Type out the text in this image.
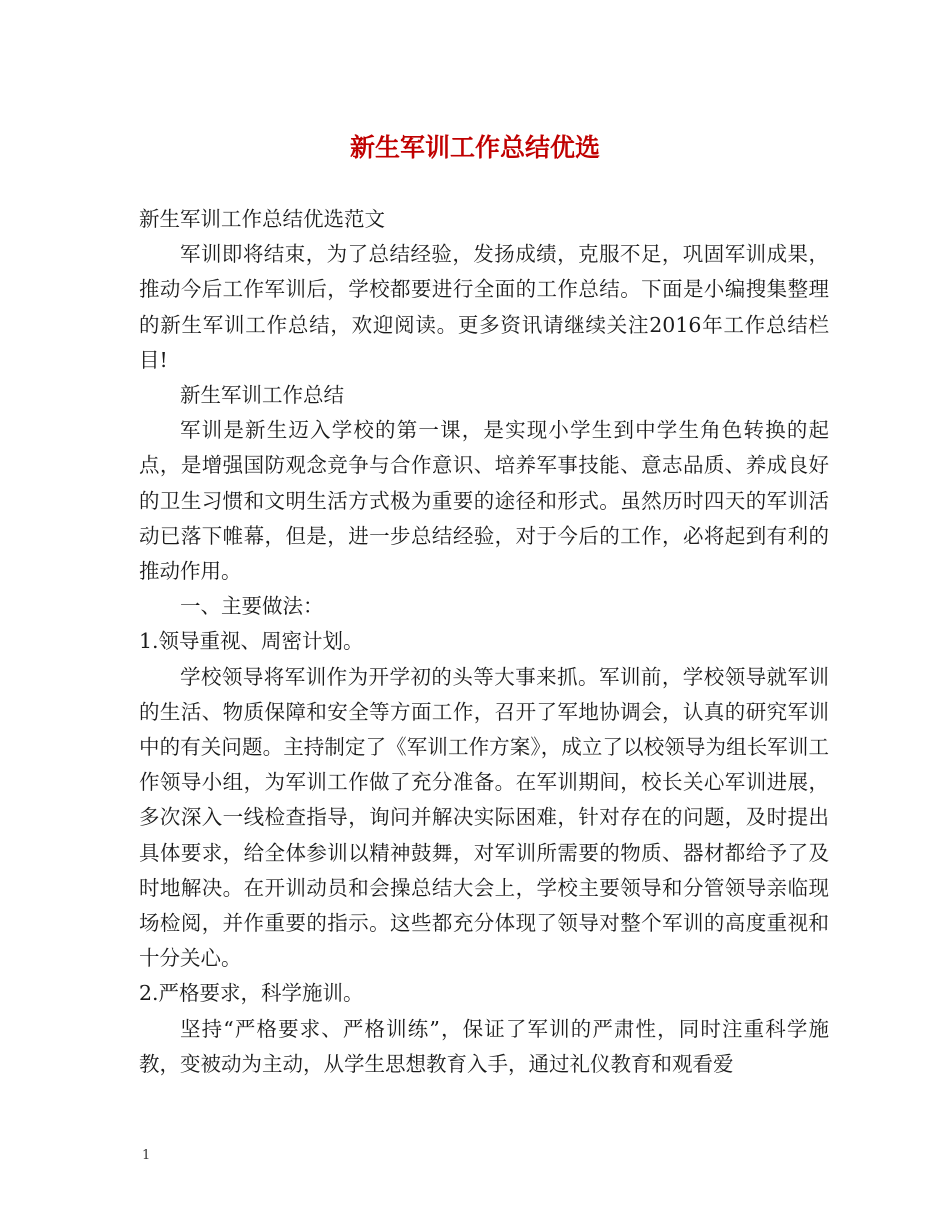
新生军训工作总结优选

新生军训工作总结优选范文

军训即将结束，为了总结经验，发扬成绩，克服不足，巩固军训成果，推动今后工作军训后，学校都要进行全面的工作总结。下面是小编搜集整理的新生军训工作总结，欢迎阅读。更多资讯请继续关注2016年工作总结栏目!

新生军训工作总结

军训是新生迈入学校的第一课，是实现小学生到中学生角色转换的起点，是增强国防观念竞争与合作意识、培养军事技能、意志品质、养成良好的卫生习惯和文明生活方式极为重要的途径和形式。虽然历时四天的军训活动已落下帷幕，但是，进一步总结经验，对于今后的工作，必将起到有利的推动作用。

一、主要做法：

1.领导重视、周密计划。

学校领导将军训作为开学初的头等大事来抓。军训前，学校领导就军训的生活、物质保障和安全等方面工作，召开了军地协调会，认真的研究军训中的有关问题。主持制定了《军训工作方案》，成立了以校领导为组长军训工作领导小组，为军训工作做了充分准备。在军训期间，校长关心军训进展，多次深入一线检查指导，询问并解决实际困难，针对存在的问题，及时提出具体要求，给全体参训以精神鼓舞，对军训所需要的物质、器材都给予了及时地解决。在开训动员和会操总结大会上，学校主要领导和分管领导亲临现场检阅，并作重要的指示。这些都充分体现了领导对整个军训的高度重视和十分关心。

2.严格要求，科学施训。

坚持“严格要求、严格训练”，保证了军训的严肃性，同时注重科学施教，变被动为主动，从学生思想教育入手，通过礼仪教育和观看爱

1
